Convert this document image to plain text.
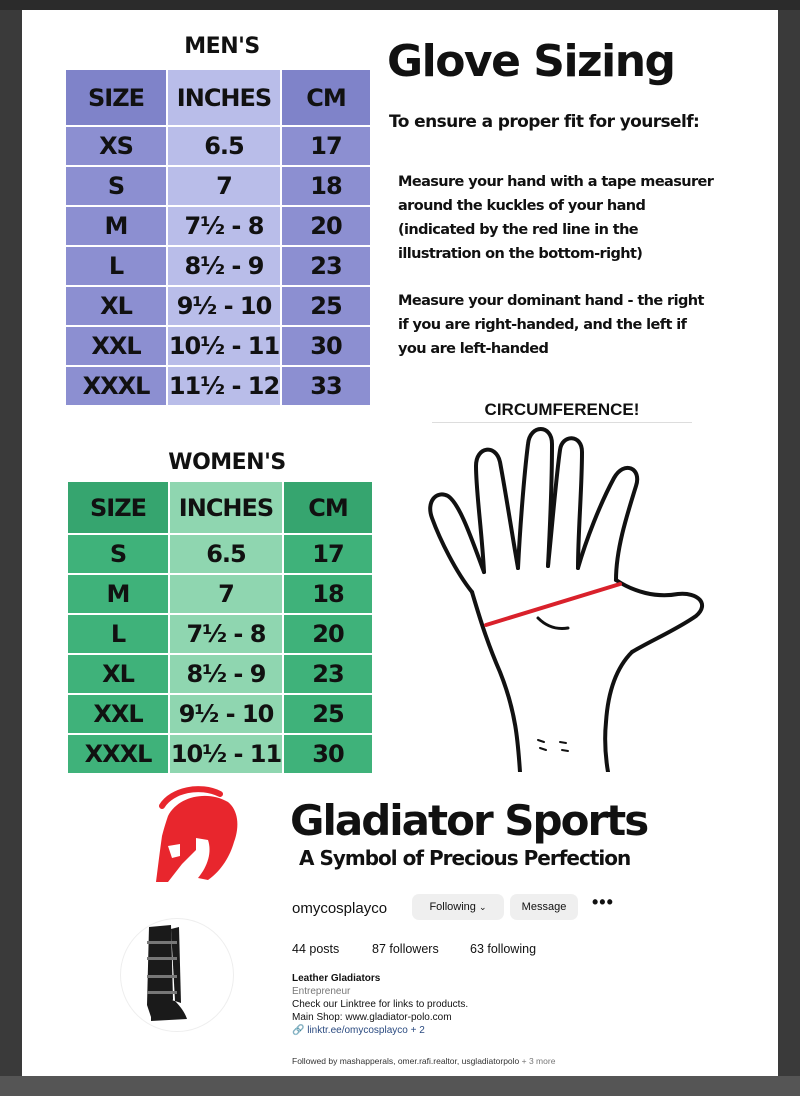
MEN'S
SIZE	INCHES	CM
XS	6.5	17
S	7	18
M	7½ - 8	20
L	8½ - 9	23
XL	9½ - 10	25
XXL	10½ - 11	30
XXXL	11½ - 12	33
WOMEN'S
SIZE	INCHES	CM
S	6.5	17
M	7	18
L	7½ - 8	20
XL	8½ - 9	23
XXL	9½ - 10	25
XXXL	10½ - 11	30
Glove Sizing
To ensure a proper fit for yourself:
Measure your hand with a tape measurer around the kuckles of your hand (indicated by the red line in the illustration on the bottom-right)
Measure your dominant hand - the right if you are right-handed, and the left if you are left-handed
CIRCUMFERENCE!
Gladiator Sports
A Symbol of Precious Perfection
omycosplayco	Following ⌄	Message	•••
44 posts	87 followers	63 following
Leather Gladiators
Entrepreneur
Check our Linktree for links to products.
Main Shop: www.gladiator-polo.com
🔗 linktr.ee/omycosplayco + 2
Followed by mashapperals, omer.rafi.realtor, usgladiatorpolo + 3 more
